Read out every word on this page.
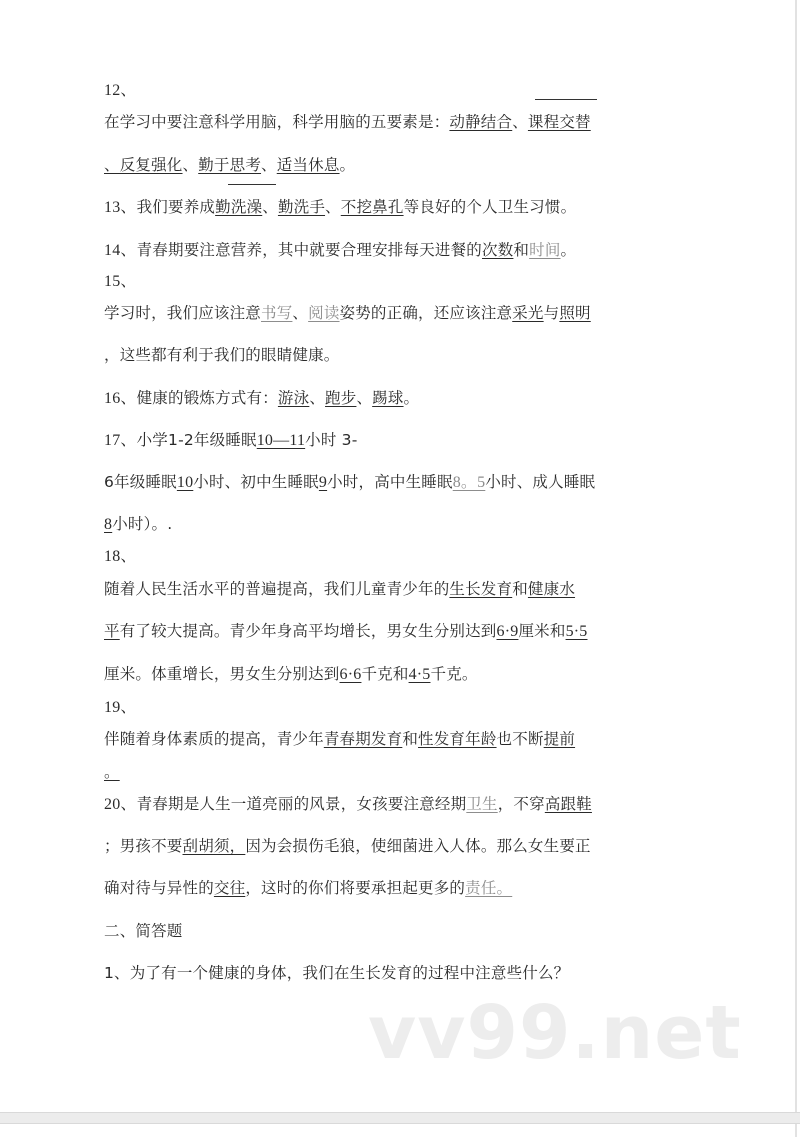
12、
在学习中要注意科学用脑，科学用脑的五要素是：动静结合、课程交替
、反复强化、勤于思考、适当休息。
13、我们要养成勤洗澡、勤洗手、不挖鼻孔等良好的个人卫生习惯。
14、青春期要注意营养，其中就要合理安排每天进餐的次数和时间。
15、
学习时，我们应该注意书写、阅读姿势的正确，还应该注意采光与照明
，这些都有利于我们的眼睛健康。
16、健康的锻炼方式有：游泳、跑步、踢球。
17、小学1-2年级睡眠10—11小时 3-
6年级睡眠10小时、初中生睡眠9小时，高中生睡眠8。5小时、成人睡眠
8小时）。.
18、
随着人民生活水平的普遍提高，我们儿童青少年的生长发育和健康水
平有了较大提高。青少年身高平均增长，男女生分别达到6·9厘米和5·5
厘米。体重增长，男女生分别达到6·6千克和4·5千克。
19、
伴随着身体素质的提高，青少年青春期发育和性发育年龄也不断提前
。
20、青春期是人生一道亮丽的风景，女孩要注意经期卫生，不穿高跟鞋
；男孩不要刮胡须，因为会损伤毛狼，使细菌进入人体。那么女生要正
确对待与异性的交往，这时的你们将要承担起更多的责任。
二、简答题
1、为了有一个健康的身体，我们在生长发育的过程中注意些什么？
vv99.net
